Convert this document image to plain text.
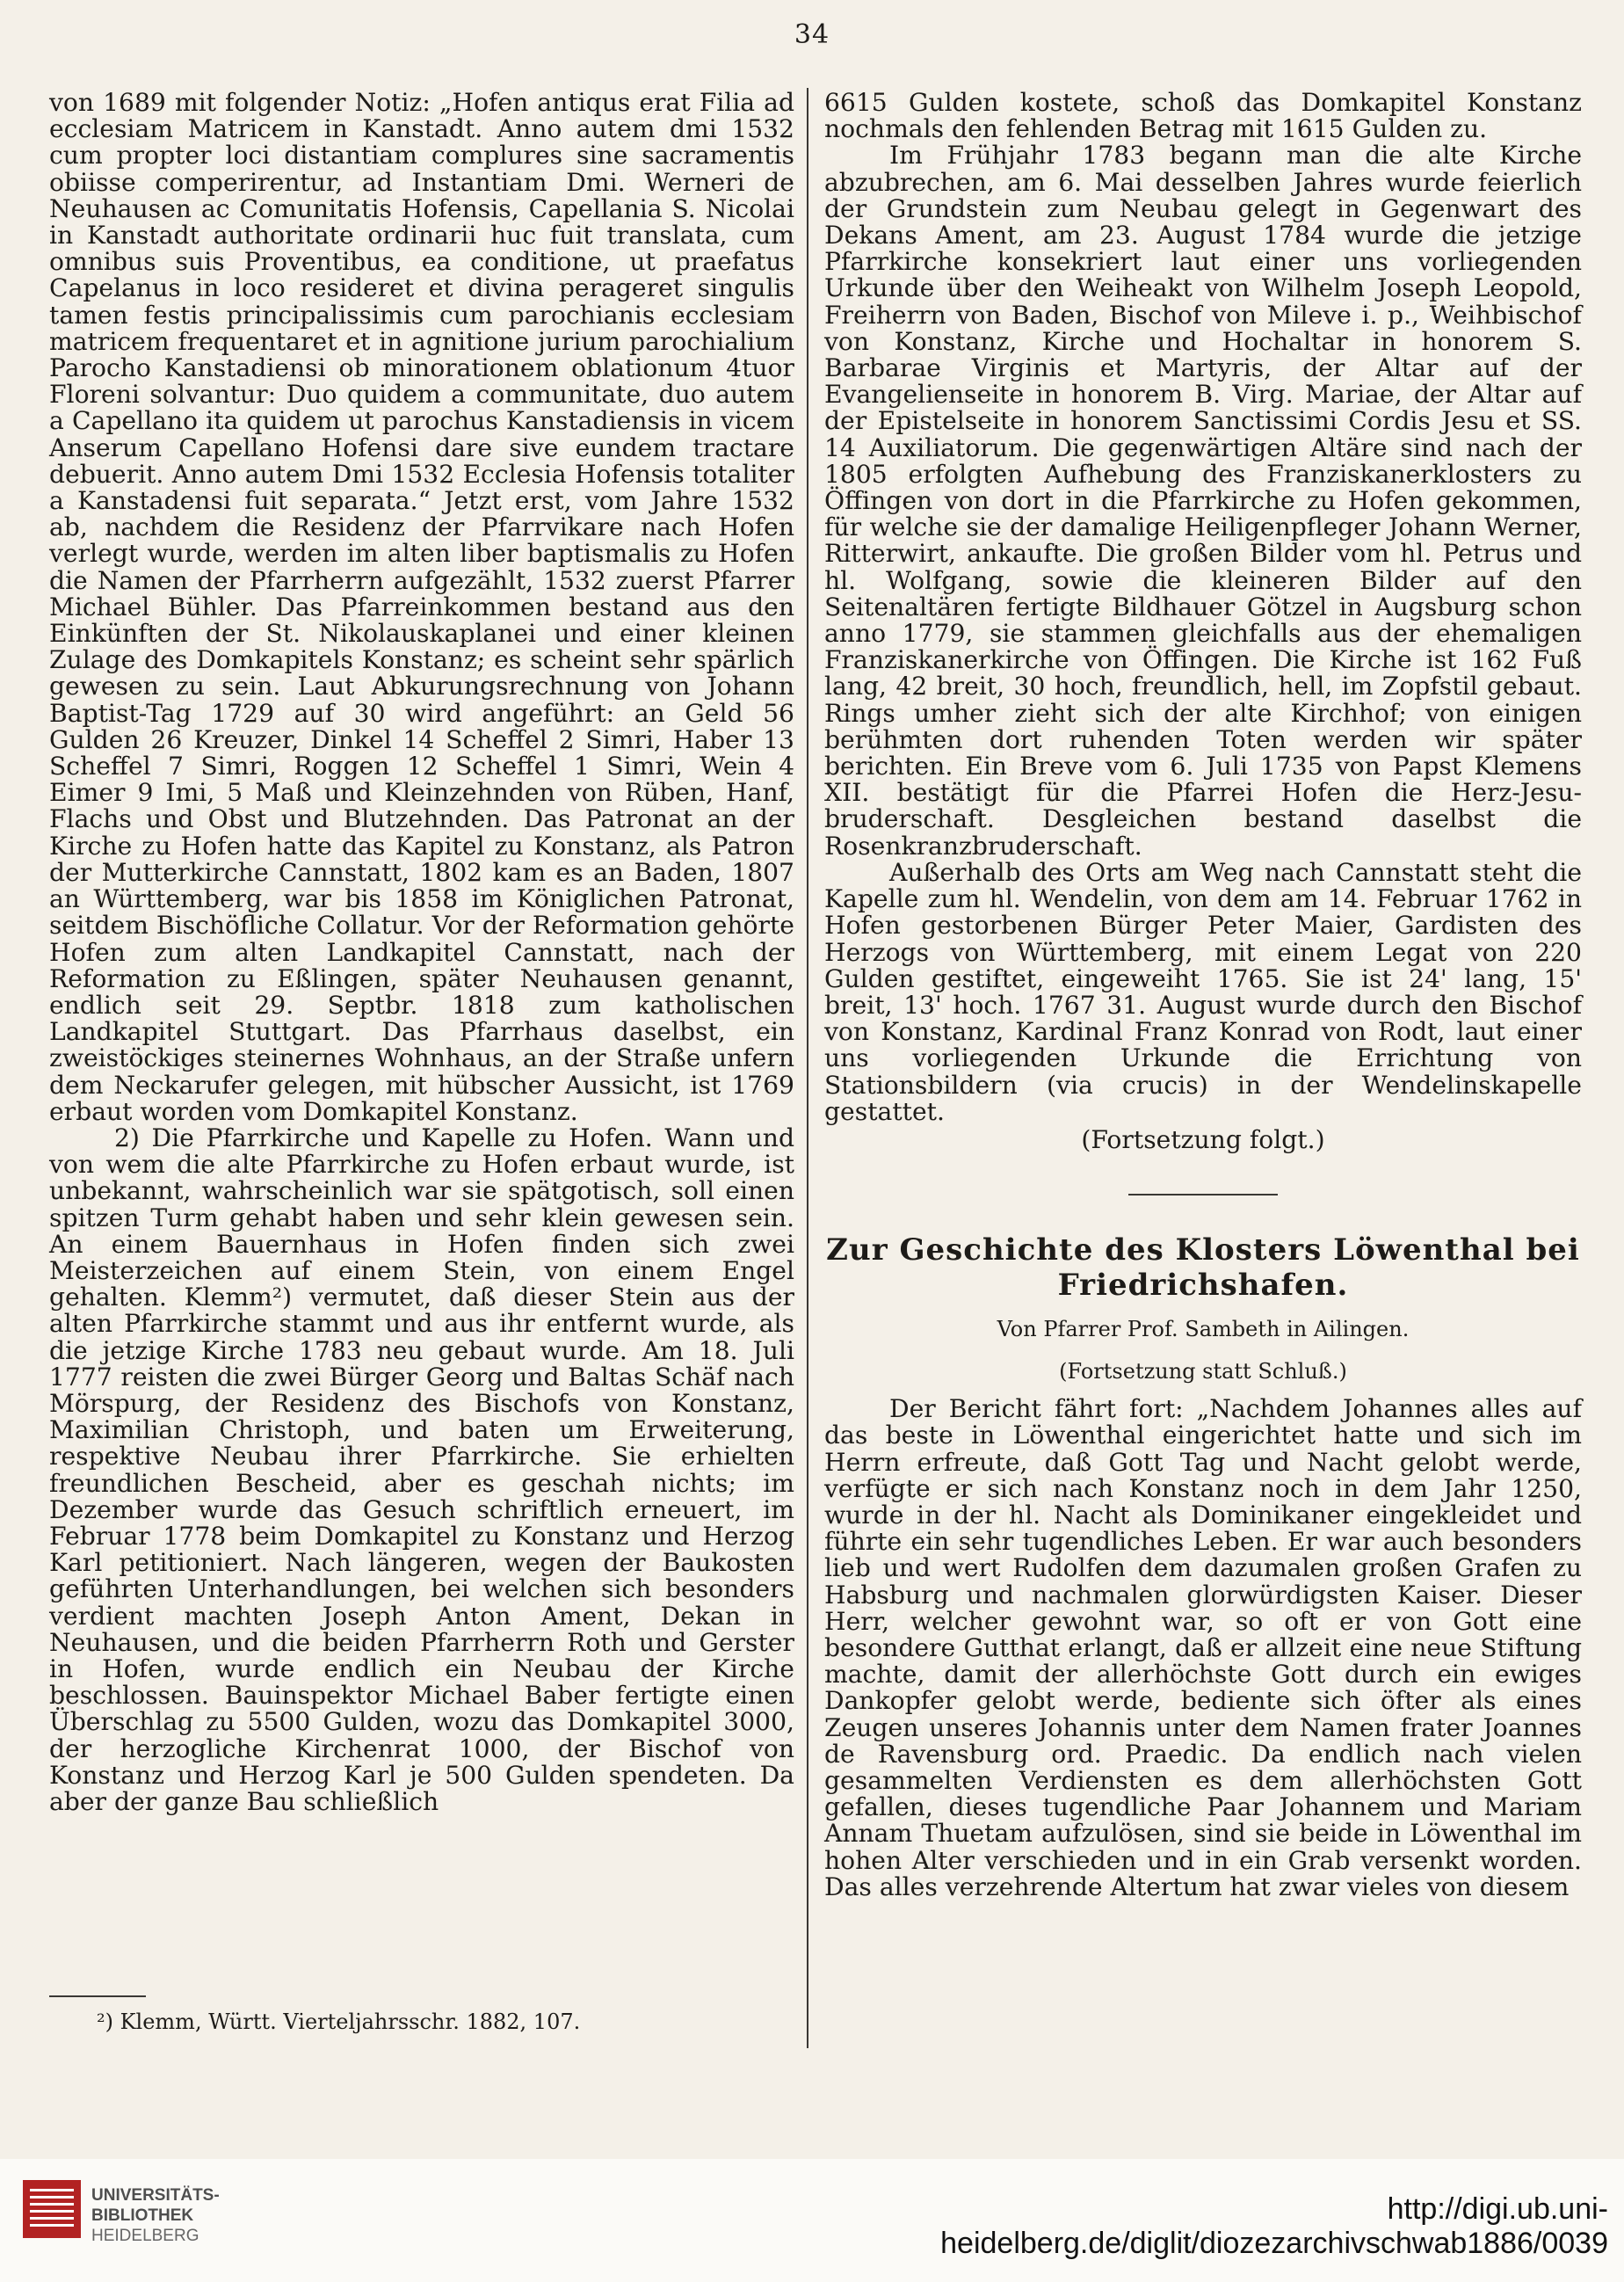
34

von 1689 mit folgender Notiz: „Hofen antiqus erat Filia ad ecclesiam Matricem in Kanstadt. Anno autem dmi 1532 cum propter loci distantiam complures sine sacramentis obiisse comperirentur, ad Instantiam Dmi. Werneri de Neuhausen ac Comunitatis Hofensis, Capellania S. Nicolai in Kanstadt authoritate ordinarii huc fuit translata, cum omnibus suis Proventibus, ea conditione, ut praefatus Capelanus in loco resideret et divina perageret singulis tamen festis principalissimis cum parochianis ecclesiam matricem frequentaret et in agnitione jurium parochialium Parocho Kanstadiensi ob minorationem oblationum 4tuor Floreni solvantur: Duo quidem a communitate, duo autem a Capellano ita quidem ut parochus Kanstadiensis in vicem Anserum Capellano Hofensi dare sive eundem tractare debuerit. Anno autem Dmi 1532 Ecclesia Hofensis totaliter a Kanstadensi fuit separata.“ Jetzt erst, vom Jahre 1532 ab, nachdem die Residenz der Pfarrvikare nach Hofen verlegt wurde, werden im alten liber baptismalis zu Hofen die Namen der Pfarrherrn aufgezählt, 1532 zuerst Pfarrer Michael Bühler. Das Pfarreinkommen bestand aus den Einkünften der St. Nikolauskaplanei und einer kleinen Zulage des Domkapitels Konstanz; es scheint sehr spärlich gewesen zu sein. Laut Abkurungsrechnung von Johann Baptist-Tag 1729 auf 30 wird angeführt: an Geld 56 Gulden 26 Kreuzer, Dinkel 14 Scheffel 2 Simri, Haber 13 Scheffel 7 Simri, Roggen 12 Scheffel 1 Simri, Wein 4 Eimer 9 Imi, 5 Maß und Kleinzehnden von Rüben, Hanf, Flachs und Obst und Blutzehnden. Das Patronat an der Kirche zu Hofen hatte das Kapitel zu Konstanz, als Patron der Mutterkirche Cannstatt, 1802 kam es an Baden, 1807 an Württemberg, war bis 1858 im Königlichen Patronat, seitdem Bischöfliche Collatur. Vor der Reformation gehörte Hofen zum alten Landkapitel Cannstatt, nach der Reformation zu Eßlingen, später Neuhausen genannt, endlich seit 29. Septbr. 1818 zum katholischen Landkapitel Stuttgart. Das Pfarrhaus daselbst, ein zweistöckiges steinernes Wohnhaus, an der Straße unfern dem Neckarufer gelegen, mit hübscher Aussicht, ist 1769 erbaut worden vom Domkapitel Konstanz.

2) Die Pfarrkirche und Kapelle zu Hofen. Wann und von wem die alte Pfarrkirche zu Hofen erbaut wurde, ist unbekannt, wahrscheinlich war sie spätgotisch, soll einen spitzen Turm gehabt haben und sehr klein gewesen sein. An einem Bauernhaus in Hofen finden sich zwei Meisterzeichen auf einem Stein, von einem Engel gehalten. Klemm²) vermutet, daß dieser Stein aus der alten Pfarrkirche stammt und aus ihr entfernt wurde, als die jetzige Kirche 1783 neu gebaut wurde. Am 18. Juli 1777 reisten die zwei Bürger Georg und Baltas Schäf nach Mörspurg, der Residenz des Bischofs von Konstanz, Maximilian Christoph, und baten um Erweiterung, respektive Neubau ihrer Pfarrkirche. Sie erhielten freundlichen Bescheid, aber es geschah nichts; im Dezember wurde das Gesuch schriftlich erneuert, im Februar 1778 beim Domkapitel zu Konstanz und Herzog Karl petitioniert. Nach längeren, wegen der Baukosten geführten Unterhandlungen, bei welchen sich besonders verdient machten Joseph Anton Ament, Dekan in Neuhausen, und die beiden Pfarrherrn Roth und Gerster in Hofen, wurde endlich ein Neubau der Kirche beschlossen. Bauinspektor Michael Baber fertigte einen Überschlag zu 5500 Gulden, wozu das Domkapitel 3000, der herzogliche Kirchenrat 1000, der Bischof von Konstanz und Herzog Karl je 500 Gulden spendeten. Da aber der ganze Bau schließlich

6615 Gulden kostete, schoß das Domkapitel Konstanz nochmals den fehlenden Betrag mit 1615 Gulden zu.

Im Frühjahr 1783 begann man die alte Kirche abzubrechen, am 6. Mai desselben Jahres wurde feierlich der Grundstein zum Neubau gelegt in Gegenwart des Dekans Ament, am 23. August 1784 wurde die jetzige Pfarrkirche konsekriert laut einer uns vorliegenden Urkunde über den Weiheakt von Wilhelm Joseph Leopold, Freiherrn von Baden, Bischof von Mileve i. p., Weihbischof von Konstanz, Kirche und Hochaltar in honorem S. Barbarae Virginis et Martyris, der Altar auf der Evangelienseite in honorem B. Virg. Mariae, der Altar auf der Epistelseite in honorem Sanctissimi Cordis Jesu et SS. 14 Auxiliatorum. Die gegenwärtigen Altäre sind nach der 1805 erfolgten Aufhebung des Franziskanerklosters zu Öffingen von dort in die Pfarrkirche zu Hofen gekommen, für welche sie der damalige Heiligenpfleger Johann Werner, Ritterwirt, ankaufte. Die großen Bilder vom hl. Petrus und hl. Wolfgang, sowie die kleineren Bilder auf den Seitenaltären fertigte Bildhauer Götzel in Augsburg schon anno 1779, sie stammen gleichfalls aus der ehemaligen Franziskanerkirche von Öffingen. Die Kirche ist 162 Fuß lang, 42 breit, 30 hoch, freundlich, hell, im Zopfstil gebaut. Rings umher zieht sich der alte Kirchhof; von einigen berühmten dort ruhenden Toten werden wir später berichten. Ein Breve vom 6. Juli 1735 von Papst Klemens XII. bestätigt für die Pfarrei Hofen die Herz-Jesu-bruderschaft. Desgleichen bestand daselbst die Rosenkranzbruderschaft.

Außerhalb des Orts am Weg nach Cannstatt steht die Kapelle zum hl. Wendelin, von dem am 14. Februar 1762 in Hofen gestorbenen Bürger Peter Maier, Gardisten des Herzogs von Württemberg, mit einem Legat von 220 Gulden gestiftet, eingeweiht 1765. Sie ist 24' lang, 15' breit, 13' hoch. 1767 31. August wurde durch den Bischof von Konstanz, Kardinal Franz Konrad von Rodt, laut einer uns vorliegenden Urkunde die Errichtung von Stationsbildern (via crucis) in der Wendelinskapelle gestattet.

(Fortsetzung folgt.)
Zur Geschichte des Klosters Löwenthal bei
Friedrichshafen.
Von Pfarrer Prof. Sambeth in Ailingen.
(Fortsetzung statt Schluß.)

Der Bericht fährt fort: „Nachdem Johannes alles auf das beste in Löwenthal eingerichtet hatte und sich im Herrn erfreute, daß Gott Tag und Nacht gelobt werde, verfügte er sich nach Konstanz noch in dem Jahr 1250, wurde in der hl. Nacht als Dominikaner eingekleidet und führte ein sehr tugendliches Leben. Er war auch besonders lieb und wert Rudolfen dem dazumalen großen Grafen zu Habsburg und nachmalen glorwürdigsten Kaiser. Dieser Herr, welcher gewohnt war, so oft er von Gott eine besondere Gutthat erlangt, daß er allzeit eine neue Stiftung machte, damit der allerhöchste Gott durch ein ewiges Dankopfer gelobt werde, bediente sich öfter als eines Zeugen unseres Johannis unter dem Namen frater Joannes de Ravensburg ord. Praedic. Da endlich nach vielen gesammelten Verdiensten es dem allerhöchsten Gott gefallen, dieses tugendliche Paar Johannem und Mariam Annam Thuetam aufzulösen, sind sie beide in Löwenthal im hohen Alter verschieden und in ein Grab versenkt worden. Das alles verzehrende Altertum hat zwar vieles von diesem

²) Klemm, Württ. Vierteljahrsschr. 1882, 107.
UNIVERSITÄTS-
BIBLIOTHEK
HEIDELBERG
http://digi.ub.uni-heidelberg.de/diglit/diozezarchivschwab1886/0039
